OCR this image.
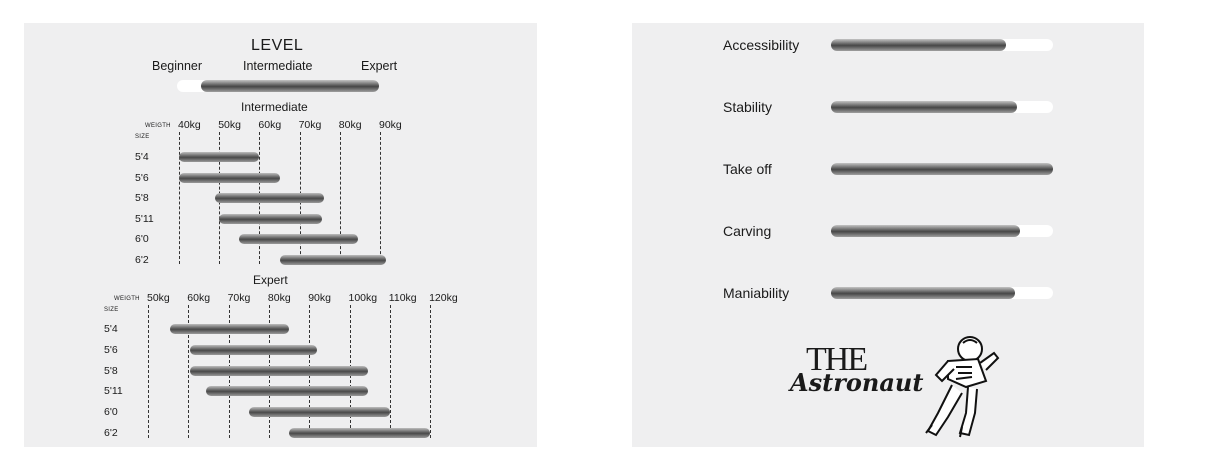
LEVEL
Beginner	Intermediate	Expert
Intermediate
WEIGTH
SIZE
40kg 50kg 60kg 70kg 80kg 90kg
5'4
5'6
5'8
5'11
6'0
6'2
Expert
WEIGTH
SIZE
50kg 60kg 70kg 80kg 90kg 100kg 110kg 120kg
5'4
5'6
5'8
5'11
6'0
6'2
Accessibility
Stability
Take off
Carving
Maniability
THE
Astronaut
